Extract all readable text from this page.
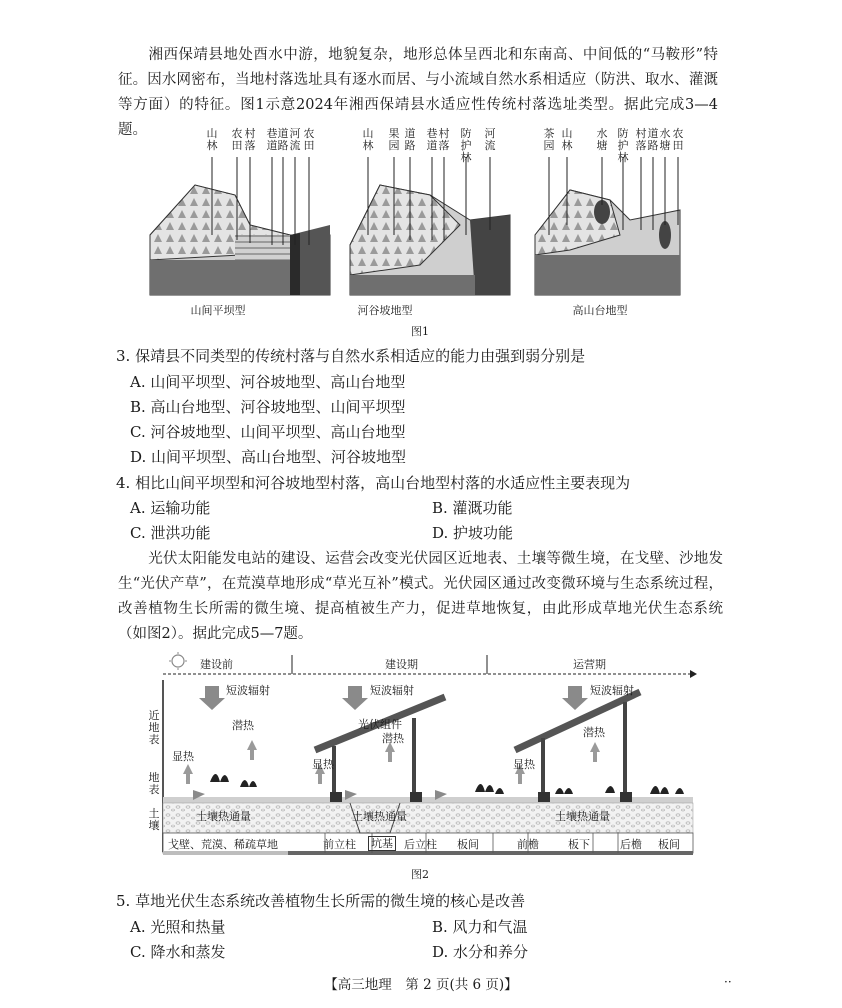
湘西保靖县地处酉水中游，地貌复杂，地形总体呈西北和东南高、中间低的“马鞍形”特征。因水网密布，当地村落选址具有逐水而居、与小流域自然水系相适应（防洪、取水、灌溉等方面）的特征。图1示意2024年湘西保靖县水适应性传统村落选址类型。据此完成3—4题。	山林
农田
村落
巷道
道路
河流
农田
山林
果园
道路
巷道
村落
防护林
河流
茶园
山林
水塘
防护林
村落
道路
水塘
农田
山间平坝型	河谷坡地型	高山台地型
图1
3. 保靖县不同类型的传统村落与自然水系相适应的能力由强到弱分别是
A. 山间平坝型、河谷坡地型、高山台地型
B. 高山台地型、河谷坡地型、山间平坝型
C. 河谷坡地型、山间平坝型、高山台地型
D. 山间平坝型、高山台地型、河谷坡地型
4. 相比山间平坝型和河谷坡地型村落，高山台地型村落的水适应性主要表现为
A. 运输功能	B. 灌溉功能
C. 泄洪功能	D. 护坡功能
光伏太阳能发电站的建设、运营会改变光伏园区近地表、土壤等微生境，在戈壁、沙地发生“光伏产草”，在荒漠草地形成“草光互补”模式。光伏园区通过改变微环境与生态系统过程，改善植物生长所需的微生境、提高植被生产力，促进草地恢复，由此形成草地光伏生态系统（如图2）。据此完成5—7题。
建设前	建设期	运营期
近地表
地表
土壤
短波辐射	短波辐射	短波辐射
潜热
潜热	潜热
显热
显热	显热
光伏组件
土壤热通量	土壤热通量	土壤热通量
戈壁、荒漠、稀疏草地	前立柱 坑基 后立柱 板间	前檐	板下	后檐 板间
图2
5. 草地光伏生态系统改善植物生长所需的微生境的核心是改善
A. 光照和热量	B. 风力和气温
C. 降水和蒸发	D. 水分和养分
【高三地理　第 2 页(共 6 页)】	··
